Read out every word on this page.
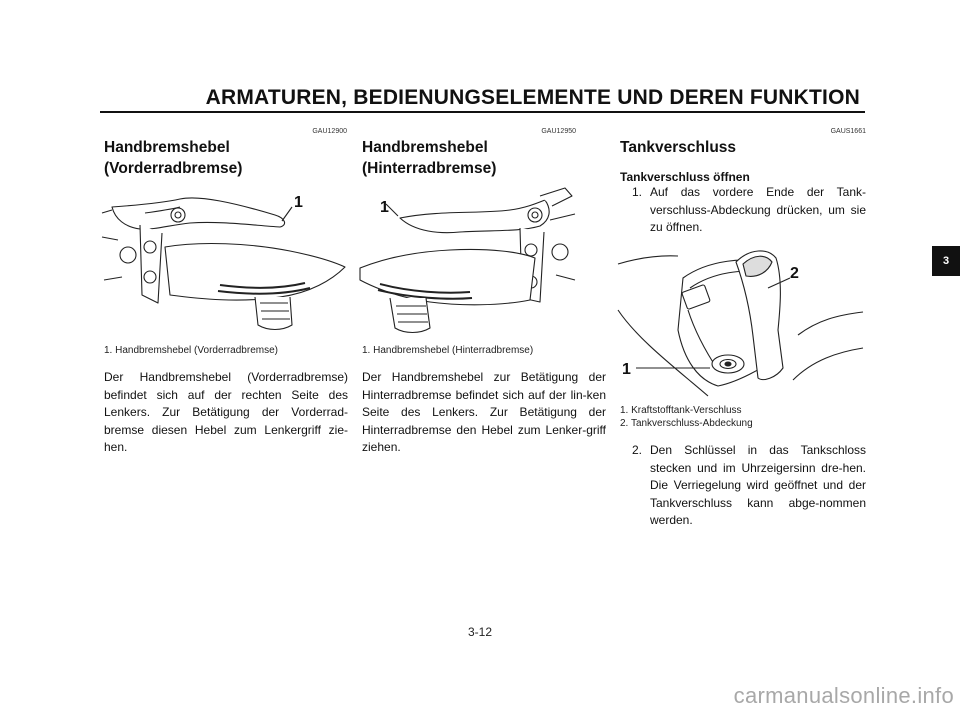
ARMATUREN, BEDIENUNGSELEMENTE UND DEREN FUNKTION
3
GAU12900
Handbremshebel
(Vorderradbremse)
1
1. Handbremshebel (Vorderradbremse)
Der Handbremshebel (Vorderradbremse) befindet sich auf der rechten Seite des Lenkers. Zur Betätigung der Vorderrad-bremse diesen Hebel zum Lenkergriff zie-hen.
GAU12950
Handbremshebel
(Hinterradbremse)
1
1. Handbremshebel (Hinterradbremse)
Der Handbremshebel zur Betätigung der Hinterradbremse befindet sich auf der lin-ken Seite des Lenkers. Zur Betätigung der Hinterradbremse den Hebel zum Lenker-griff ziehen.
GAUS1661
Tankverschluss
Tankverschluss öffnen
1. Auf das vordere Ende der Tank-verschluss-Abdeckung drücken, um sie zu öffnen.
2
1
1. Kraftstofftank-Verschluss
2. Tankverschluss-Abdeckung
2. Den Schlüssel in das Tankschloss stecken und im Uhrzeigersinn dre-hen. Die Verriegelung wird geöffnet und der Tankverschluss kann abge-nommen werden.
3-12
carmanualsonline.info
